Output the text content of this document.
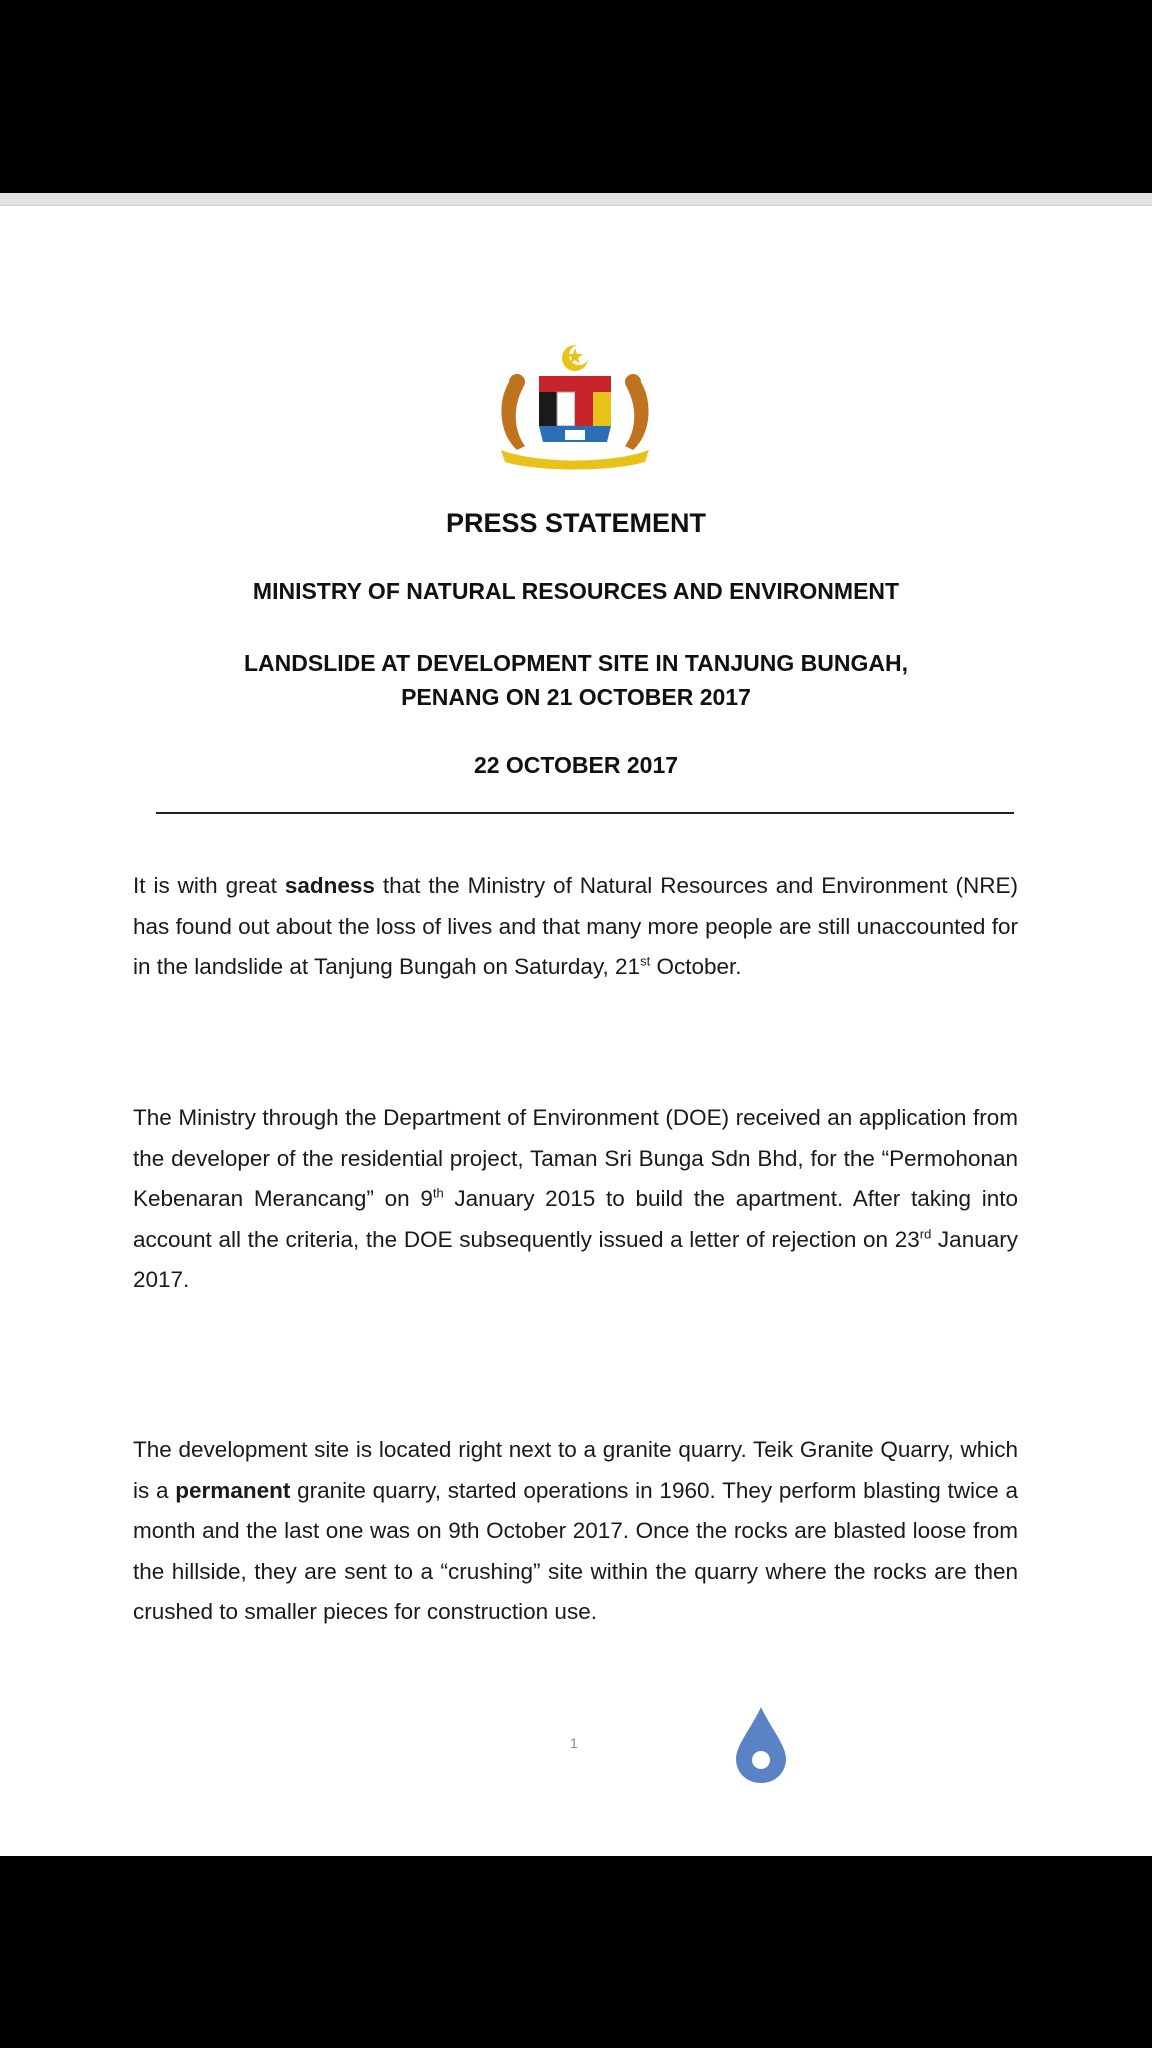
PRESS STATEMENT
MINISTRY OF NATURAL RESOURCES AND ENVIRONMENT
LANDSLIDE AT DEVELOPMENT SITE IN TANJUNG BUNGAH,
PENANG ON 21 OCTOBER 2017
22 OCTOBER 2017

It is with great sadness that the Ministry of Natural Resources and Environment (NRE) has found out about the loss of lives and that many more people are still unaccounted for in the landslide at Tanjung Bungah on Saturday, 21st October.

The Ministry through the Department of Environment (DOE) received an application from the developer of the residential project, Taman Sri Bunga Sdn Bhd, for the “Permohonan Kebenaran Merancang” on 9th January 2015 to build the apartment. After taking into account all the criteria, the DOE subsequently issued a letter of rejection on 23rd January 2017.

The development site is located right next to a granite quarry. Teik Granite Quarry, which is a permanent granite quarry, started operations in 1960. They perform blasting twice a month and the last one was on 9th October 2017. Once the rocks are blasted loose from the hillside, they are sent to a “crushing” site within the quarry where the rocks are then crushed to smaller pieces for construction use.

1
